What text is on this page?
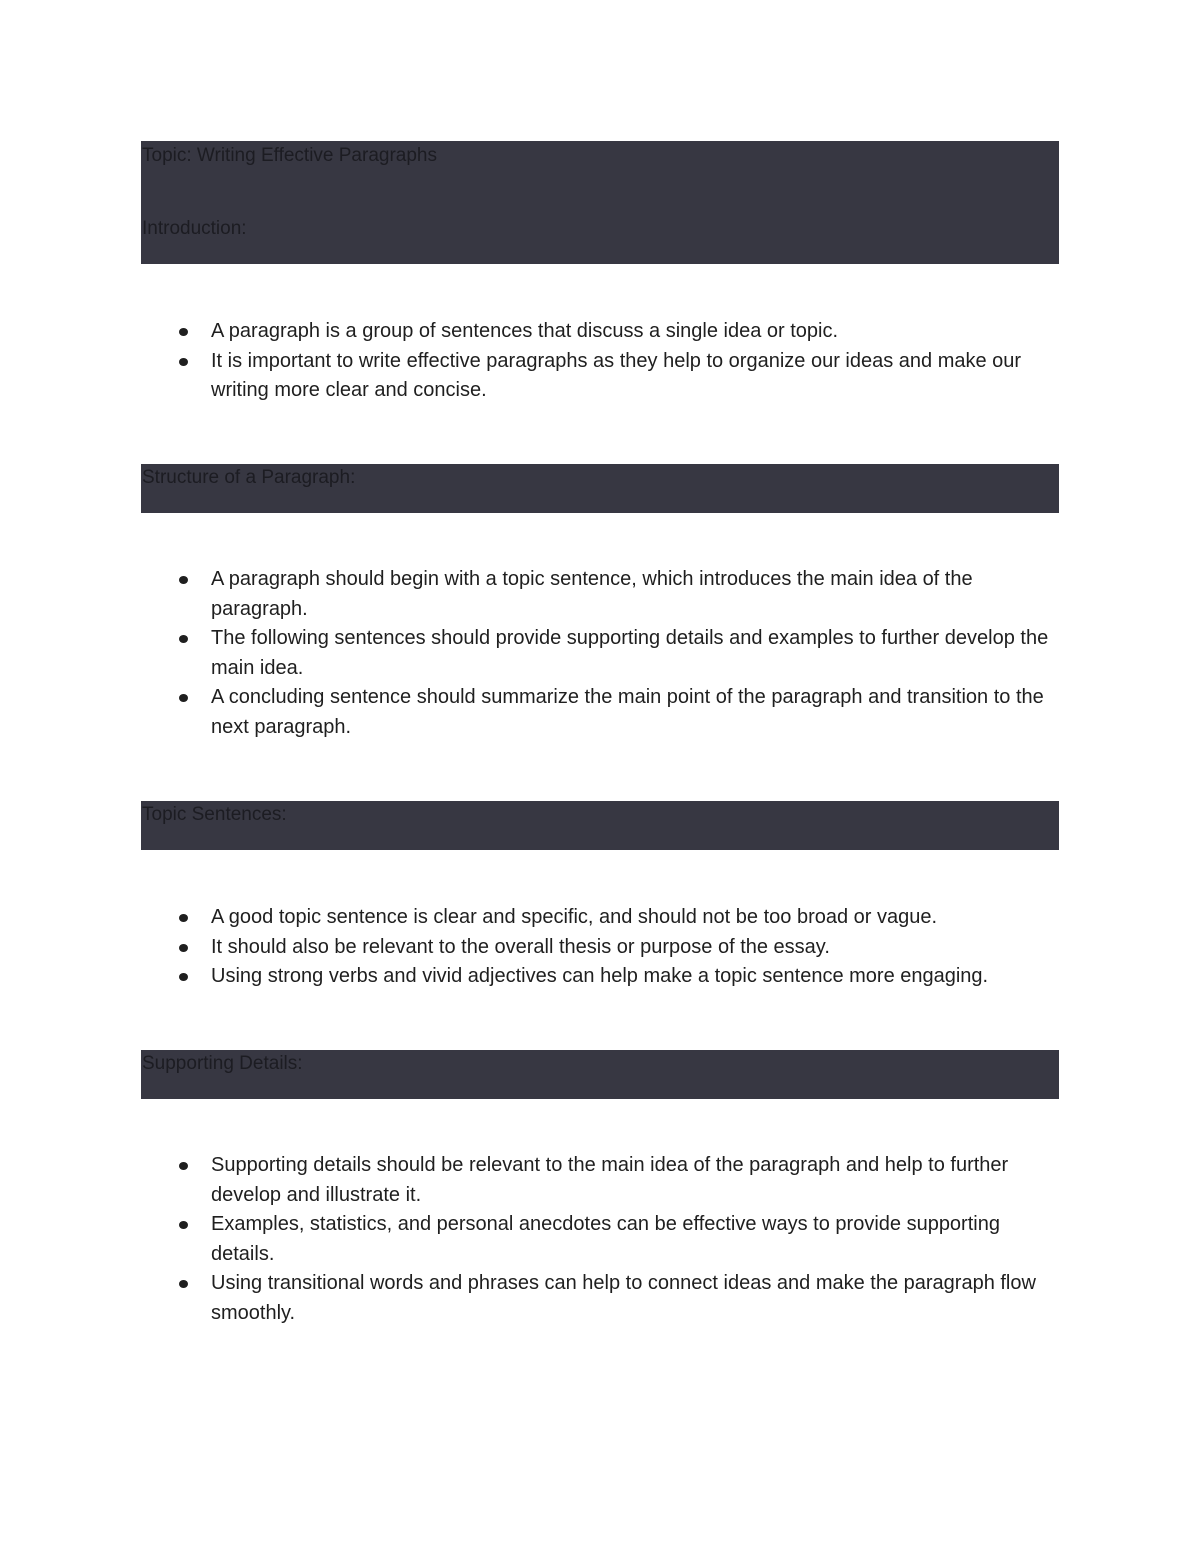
Topic: Writing Effective Paragraphs
Introduction:
A paragraph is a group of sentences that discuss a single idea or topic.
It is important to write effective paragraphs as they help to organize our ideas and make our writing more clear and concise.
Structure of a Paragraph:
A paragraph should begin with a topic sentence, which introduces the main idea of the paragraph.
The following sentences should provide supporting details and examples to further develop the main idea.
A concluding sentence should summarize the main point of the paragraph and transition to the next paragraph.
Topic Sentences:
A good topic sentence is clear and specific, and should not be too broad or vague.
It should also be relevant to the overall thesis or purpose of the essay.
Using strong verbs and vivid adjectives can help make a topic sentence more engaging.
Supporting Details:
Supporting details should be relevant to the main idea of the paragraph and help to further develop and illustrate it.
Examples, statistics, and personal anecdotes can be effective ways to provide supporting details.
Using transitional words and phrases can help to connect ideas and make the paragraph flow smoothly.
